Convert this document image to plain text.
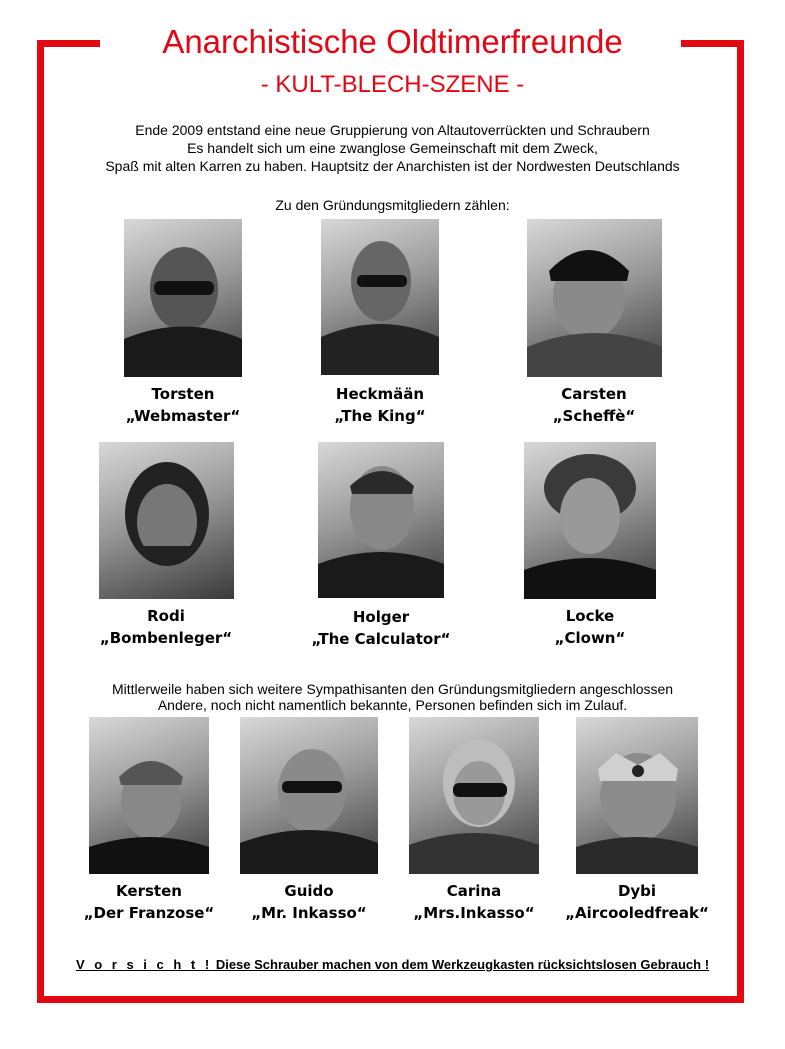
Anarchistische Oldtimerfreunde
- KULT-BLECH-SZENE -
Ende 2009 entstand eine neue Gruppierung von Altautoverrückten und Schraubern
Es handelt sich um eine zwanglose Gemeinschaft mit dem Zweck,
Spaß mit alten Karren zu haben. Hauptsitz der Anarchisten ist der Nordwesten Deutschlands
Zu den Gründungsmitgliedern zählen:
Torsten
„Webmaster“
Heckmään
„The King“
Carsten
„Scheffè“
Rodi
„Bombenleger“
Holger
„The Calculator“
Locke
„Clown“
Mittlerweile haben sich weitere Sympathisanten den Gründungsmitgliedern angeschlossen
Andere, noch nicht namentlich bekannte, Personen befinden sich im Zulauf.
Kersten
„Der Franzose“
Guido
„Mr. Inkasso“
Carina
„Mrs.Inkasso“
Dybi
„Aircooledfreak“
V o r s i c h t ! Diese Schrauber machen von dem Werkzeugkasten rücksichtslosen Gebrauch !
